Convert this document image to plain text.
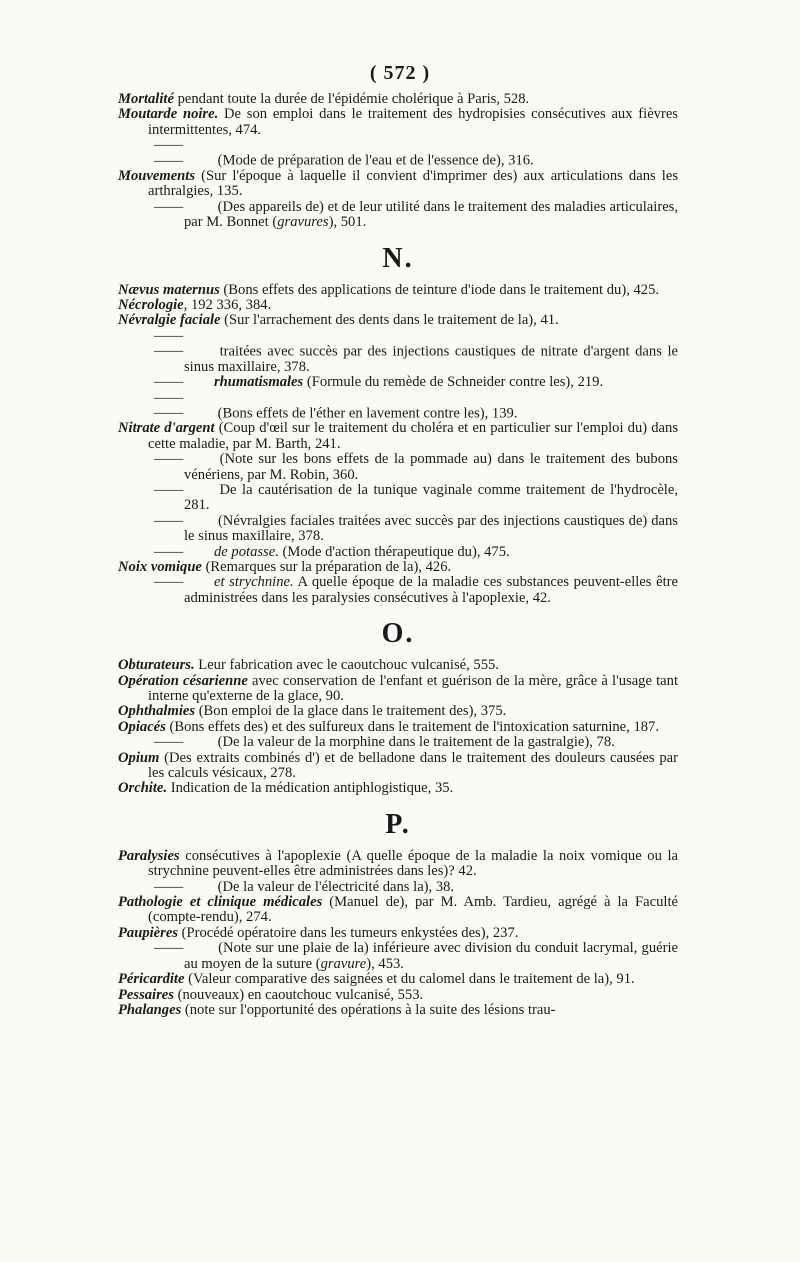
( 572 )

Mortalité pendant toute la durée de l'épidémie cholérique à Paris, 528.

Moutarde noire. De son emploi dans le traitement des hydropisies consécutives aux fièvres intermittentes, 474.

—— —— (Mode de préparation de l'eau et de l'essence de), 316.

Mouvements (Sur l'époque à laquelle il convient d'imprimer des) aux articulations dans les arthralgies, 135.

—— (Des appareils de) et de leur utilité dans le traitement des maladies articulaires, par M. Bonnet (gravures), 501.

N.

Nævus maternus (Bons effets des applications de teinture d'iode dans le traitement du), 425.

Nécrologie, 192 336, 384.

Névralgie faciale (Sur l'arrachement des dents dans le traitement de la), 41.

—— —— traitées avec succès par des injections caustiques de nitrate d'argent dans le sinus maxillaire, 378.

—— rhumatismales (Formule du remède de Schneider contre les), 219.

—— —— (Bons effets de l'éther en lavement contre les), 139.

Nitrate d'argent (Coup d'œil sur le traitement du choléra et en particulier sur l'emploi du) dans cette maladie, par M. Barth, 241.

—— (Note sur les bons effets de la pommade au) dans le traitement des bubons vénériens, par M. Robin, 360.

—— De la cautérisation de la tunique vaginale comme traitement de l'hydrocèle, 281.

—— (Névralgies faciales traitées avec succès par des injections caustiques de) dans le sinus maxillaire, 378.

—— de potasse. (Mode d'action thérapeutique du), 475.

Noix vomique (Remarques sur la préparation de la), 426.

—— et strychnine. A quelle époque de la maladie ces substances peuvent-elles être administrées dans les paralysies consécutives à l'apoplexie, 42.

O.

Obturateurs. Leur fabrication avec le caoutchouc vulcanisé, 555.

Opération césarienne avec conservation de l'enfant et guérison de la mère, grâce à l'usage tant interne qu'externe de la glace, 90.

Ophthalmies (Bon emploi de la glace dans le traitement des), 375.

Opiacés (Bons effets des) et des sulfureux dans le traitement de l'intoxication saturnine, 187.

—— (De la valeur de la morphine dans le traitement de la gastralgie), 78.

Opium (Des extraits combinés d') et de belladone dans le traitement des douleurs causées par les calculs vésicaux, 278.

Orchite. Indication de la médication antiphlogistique, 35.

P.

Paralysies consécutives à l'apoplexie (A quelle époque de la maladie la noix vomique ou la strychnine peuvent-elles être administrées dans les)? 42.

—— (De la valeur de l'électricité dans la), 38.

Pathologie et clinique médicales (Manuel de), par M. Amb. Tardieu, agrégé à la Faculté (compte-rendu), 274.

Paupières (Procédé opératoire dans les tumeurs enkystées des), 237.

—— (Note sur une plaie de la) inférieure avec division du conduit lacrymal, guérie au moyen de la suture (gravure), 453.

Péricardite (Valeur comparative des saignées et du calomel dans le traitement de la), 91.

Pessaires (nouveaux) en caoutchouc vulcanisé, 553.

Phalanges (note sur l'opportunité des opérations à la suite des lésions trau-
